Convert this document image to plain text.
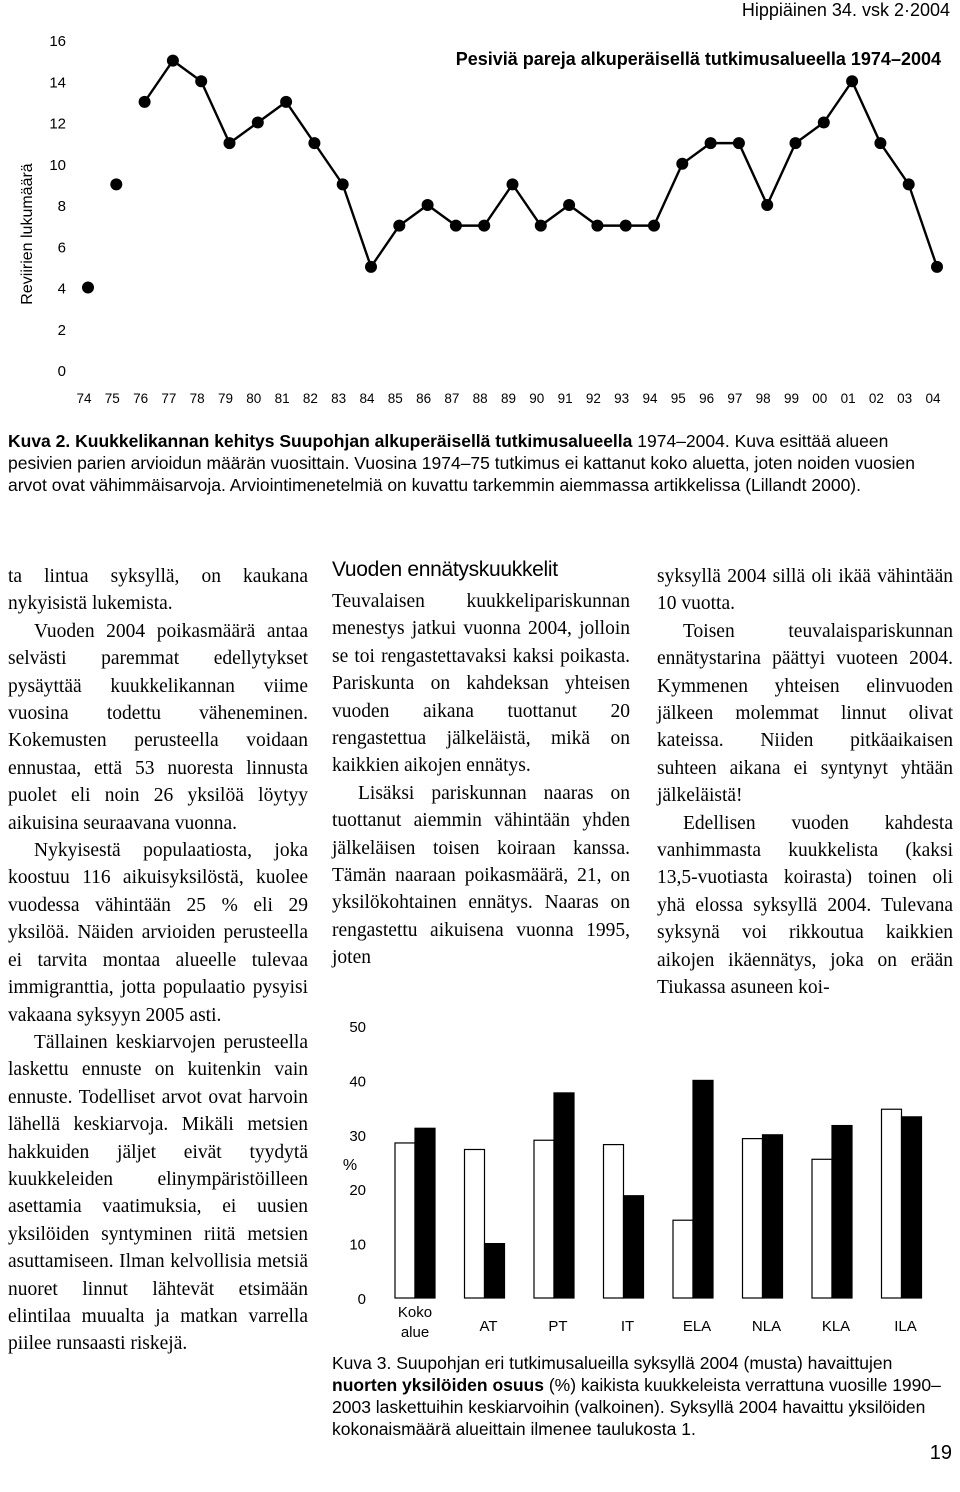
Hippiäinen 34. vsk 2·2004
0
2
4
6
8
10
12
14
16
74 75 76 77 78 79 80 81 82 83 84 85 86 87 88 89 90 91 92 93 94 95 96 97 98 99 00 01 02 03 04
Pesiviä pareja alkuperäisellä tutkimusalueella 1974–2004
Reviirien lukumäärä
Kuva 2. Kuukkelikannan kehitys Suupohjan alkuperäisellä tutkimusalueella 1974–2004. Kuva esittää alueen pesivien parien arvioidun määrän vuosittain. Vuosina 1974–75 tutkimus ei kattanut koko aluetta, joten noiden vuosien arvot ovat vähimmäisarvoja. Arviointimenetelmiä on kuvattu tarkemmin aiemmassa artikkelissa (Lillandt 2000).

ta lintua syksyllä, on kaukana nykyisistä lukemista.

Vuoden 2004 poikasmäärä antaa selvästi paremmat edellytykset pysäyttää kuukkelikannan viime vuosina todettu väheneminen. Kokemusten perusteella voidaan ennustaa, että 53 nuoresta linnusta puolet eli noin 26 yksilöä löytyy aikuisina seuraavana vuonna.

Nykyisestä populaatiosta, joka koostuu 116 aikuisyksilöstä, kuolee vuodessa vähintään 25 % eli 29 yksilöä. Näiden arvioiden perusteella ei tarvita montaa alueelle tulevaa immigranttia, jotta populaatio pysyisi vakaana syksyyn 2005 asti.

Tällainen keskiarvojen perusteella laskettu ennuste on kuitenkin vain ennuste. Todelliset arvot ovat harvoin lähellä keskiarvoja. Mikäli metsien hakkuiden jäljet eivät tyydytä kuukkeleiden elinympäristöilleen asettamia vaatimuksia, ei uusien yksilöiden syntyminen riitä metsien asuttamiseen. Ilman kelvollisia metsiä nuoret linnut lähtevät etsimään elintilaa muualta ja matkan varrella piilee runsaasti riskejä.

Vuoden ennätyskuukkelit

Teuvalaisen kuukkelipariskunnan menestys jatkui vuonna 2004, jolloin se toi rengastettavaksi kaksi poikasta. Pariskunta on kahdeksan yhteisen vuoden aikana tuottanut 20 rengastettua jälkeläistä, mikä on kaikkien aikojen ennätys.

Lisäksi pariskunnan naaras on tuottanut aiemmin vähintään yhden jälkeläisen toisen koiraan kanssa. Tämän naaraan poikasmäärä, 21, on yksilökohtainen ennätys. Naaras on rengastettu aikuisena vuonna 1995, joten

syksyllä 2004 sillä oli ikää vähintään 10 vuotta.

Toisen teuvalaispariskunnan ennätystarina päättyi vuoteen 2004. Kymmenen yhteisen elinvuoden jälkeen molemmat linnut olivat kateissa. Niiden pitkäaikaisen suhteen aikana ei syntynyt yhtään jälkeläistä!

Edellisen vuoden kahdesta vanhimmasta kuukkelista (kaksi 13,5-vuotiasta koirasta) toinen oli yhä elossa syksyllä 2004. Tulevana syksynä voi rikkoutua kaikkien aikojen ikäennätys, joka on erään Tiukassa asuneen koi-

0
10
20
30
40
50
Koko
alue	AT	PT	IT	ELA	NLA	KLA	ILA
%
Kuva 3. Suupohjan eri tutkimusalueilla syksyllä 2004 (musta) havaittujen nuorten yksilöiden osuus (%) kaikista kuukkeleista verrattuna vuosille 1990–2003 laskettuihin keskiarvoihin (valkoinen). Syksyllä 2004 havaittu yksilöiden kokonaismäärä alueittain ilmenee taulukosta 1.
19
